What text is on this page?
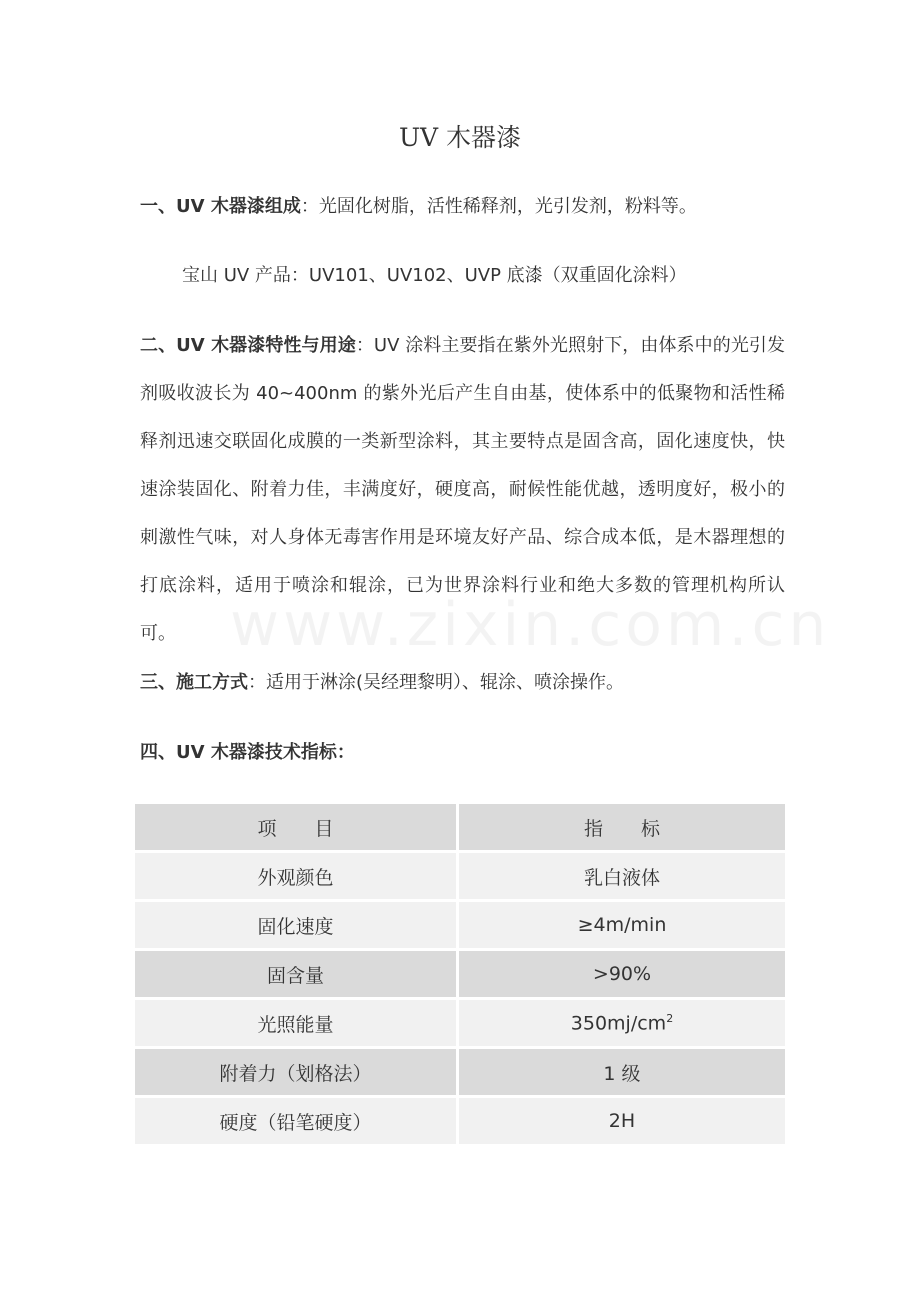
UV 木器漆
一、UV 木器漆组成：光固化树脂，活性稀释剂，光引发剂，粉料等。
宝山 UV 产品：UV101、UV102、UVP 底漆（双重固化涂料）
二、UV 木器漆特性与用途：UV 涂料主要指在紫外光照射下，由体系中的光引发剂吸收波长为 40~400nm 的紫外光后产生自由基，使体系中的低聚物和活性稀释剂迅速交联固化成膜的一类新型涂料，其主要特点是固含高，固化速度快，快速涂装固化、附着力佳，丰满度好，硬度高，耐候性能优越，透明度好，极小的刺激性气味，对人身体无毒害作用是环境友好产品、综合成本低，是木器理想的打底涂料，适用于喷涂和辊涂，已为世界涂料行业和绝大多数的管理机构所认可。
三、施工方式：适用于淋涂(吴经理黎明）、辊涂、喷涂操作。
四、UV 木器漆技术指标：
项　　目	指　　标
外观颜色	乳白液体
固化速度	≥4m/min
固含量	>90%
光照能量	$350mj/cm^2$
附着力（划格法）	1 级
硬度（铅笔硬度）	2H
